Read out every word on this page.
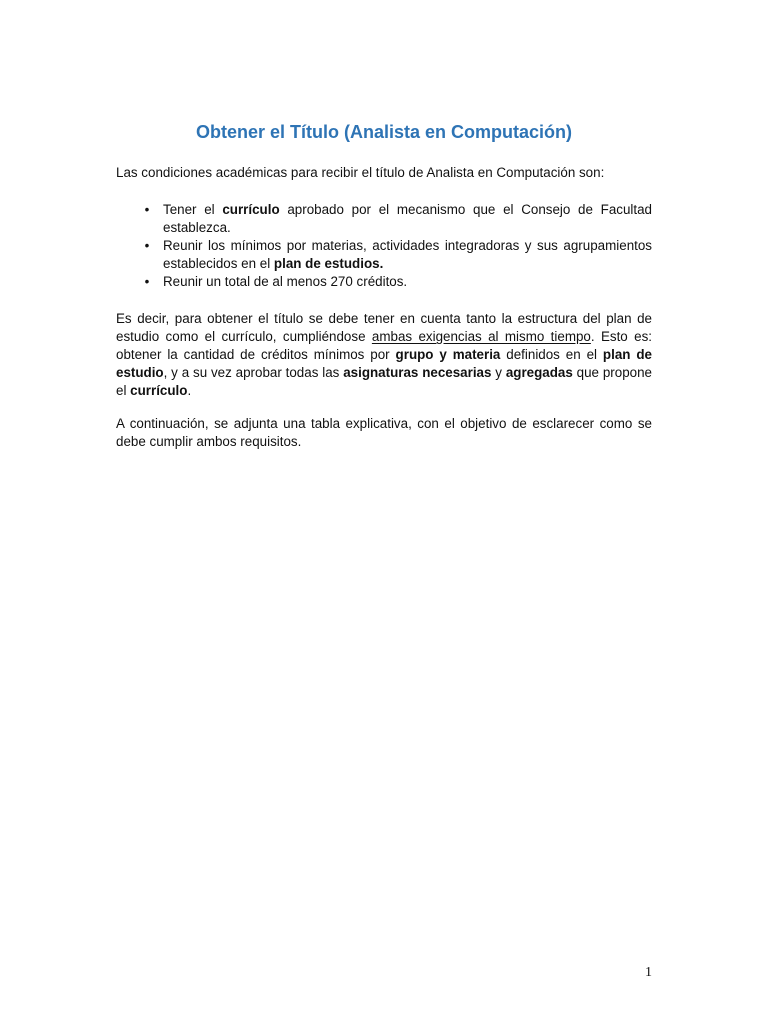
Obtener el Título (Analista en Computación)

Las condiciones académicas para recibir el título de Analista en Computación son:

•	Tener el currículo aprobado por el mecanismo que el Consejo de Facultad establezca.
•	Reunir los mínimos por materias, actividades integradoras y sus agrupamientos establecidos en el plan de estudios.
•	Reunir un total de al menos 270 créditos.

Es decir, para obtener el título se debe tener en cuenta tanto la estructura del plan de estudio como el currículo, cumpliéndose ambas exigencias al mismo tiempo. Esto es: obtener la cantidad de créditos mínimos por grupo y materia definidos en el plan de estudio, y a su vez aprobar todas las asignaturas necesarias y agregadas que propone el currículo.

A continuación, se adjunta una tabla explicativa, con el objetivo de esclarecer como se debe cumplir ambos requisitos.

1
